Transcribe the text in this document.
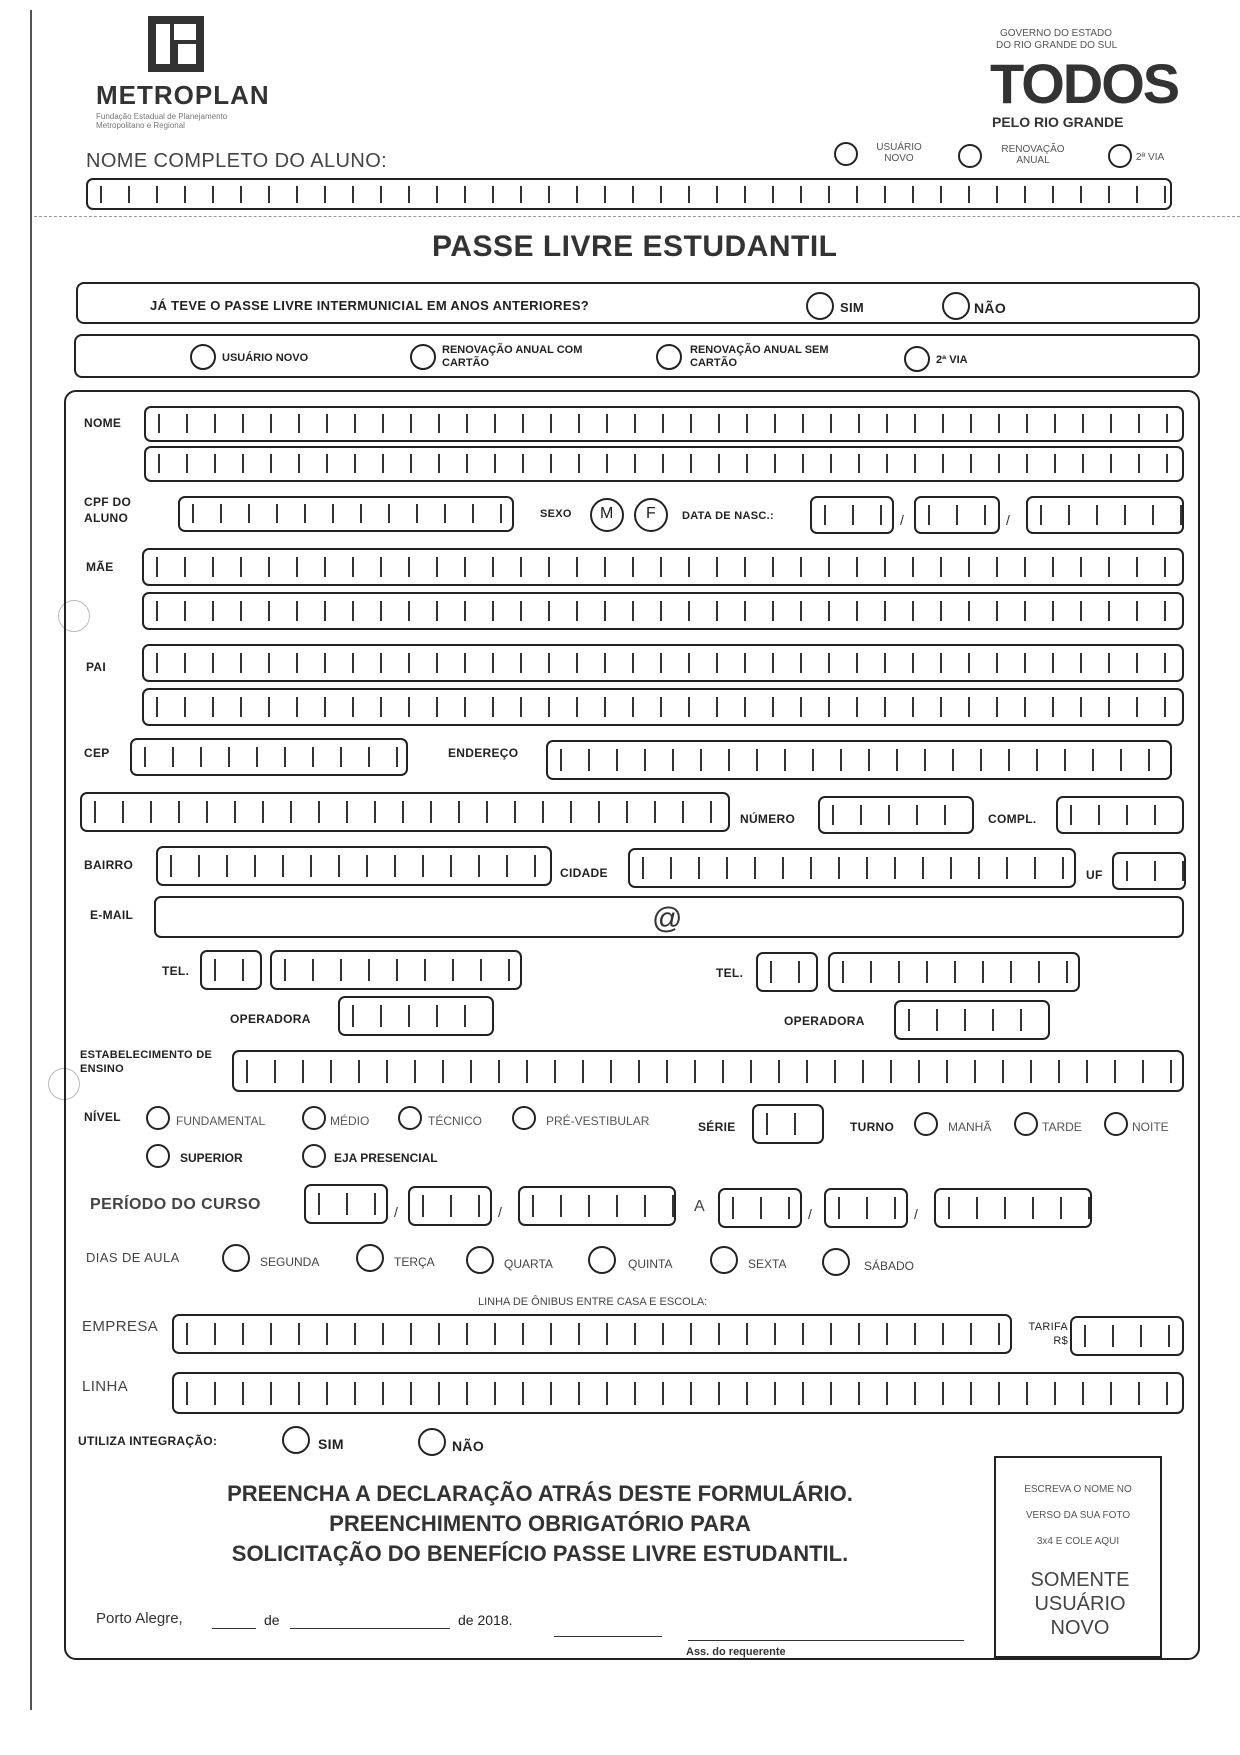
METROPLAN
Fundação Estadual de Planejamento Metropolitano e Regional
GOVERNO DO ESTADO
DO RIO GRANDE DO SUL
TODOS
PELO RIO GRANDE
NOME COMPLETO DO ALUNO:
USUÁRIO NOVO
RENOVAÇÃO ANUAL	2ª VIA
PASSE LIVRE ESTUDANTIL
JÁ TEVE O PASSE LIVRE INTERMUNICIAL EM ANOS ANTERIORES?	SIM	NÃO
USUÁRIO NOVO
RENOVAÇÃO ANUAL COM CARTÃO
RENOVAÇÃO ANUAL SEM CARTÃO	2ª VIA
NOME
CPF DO ALUNO	SEXO M F DATA DE NASC.:	/	/
MÃE
PAI
CEP	ENDEREÇO
NÚMERO	COMPL.
BAIRRO
CIDADE	UF
E-MAIL	@
TEL.
OPERADORA
TEL.
OPERADORA
ESTABELECIMENTO DE ENSINO
NÍVEL	FUNDAMENTAL	MÉDIO	TÉCNICO	PRÉ-VESTIBULAR	SÉRIE	TURNO	MANHÃ	TARDE	NOITE
SUPERIOR	EJA PRESENCIAL
PERÍODO DO CURSO	/	/	A	/	/
DIAS DE AULA	SEGUNDA	TERÇA	QUARTA	QUINTA	SEXTA	SÁBADO
LINHA DE ÔNIBUS ENTRE CASA E ESCOLA:
EMPRESA	TARIFA R$
LINHA
UTILIZA INTEGRAÇÃO:	SIM	NÃO
PREENCHA A DECLARAÇÃO ATRÁS DESTE FORMULÁRIO.
PREENCHIMENTO OBRIGATÓRIO PARA
SOLICITAÇÃO DO BENEFÍCIO PASSE LIVRE ESTUDANTIL.
ESCREVA O NOME NO
VERSO DA SUA FOTO
3x4 E COLE AQUI
SOMENTE USUÁRIO NOVO
Porto Alegre,	de	de 2018.
Ass. do requerente
